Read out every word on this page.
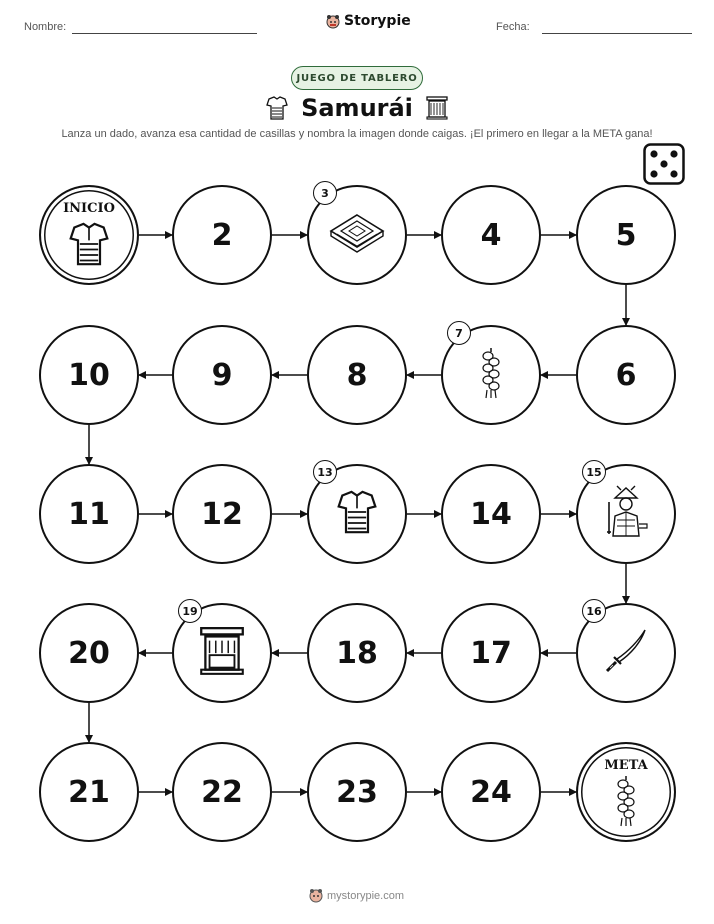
Nombre:	Storypie	Fecha:
JUEGO DE TABLERO
Samurái
Lanza un dado, avanza esa cantidad de casillas y nombra la imagen donde caigas. ¡El primero en llegar a la META gana!
INICIO
2
3
4	5
6
7
8
9
10
11	12
13
14
15
16
17
18
19
20
21	22	23	24
META
mystorypie.com
